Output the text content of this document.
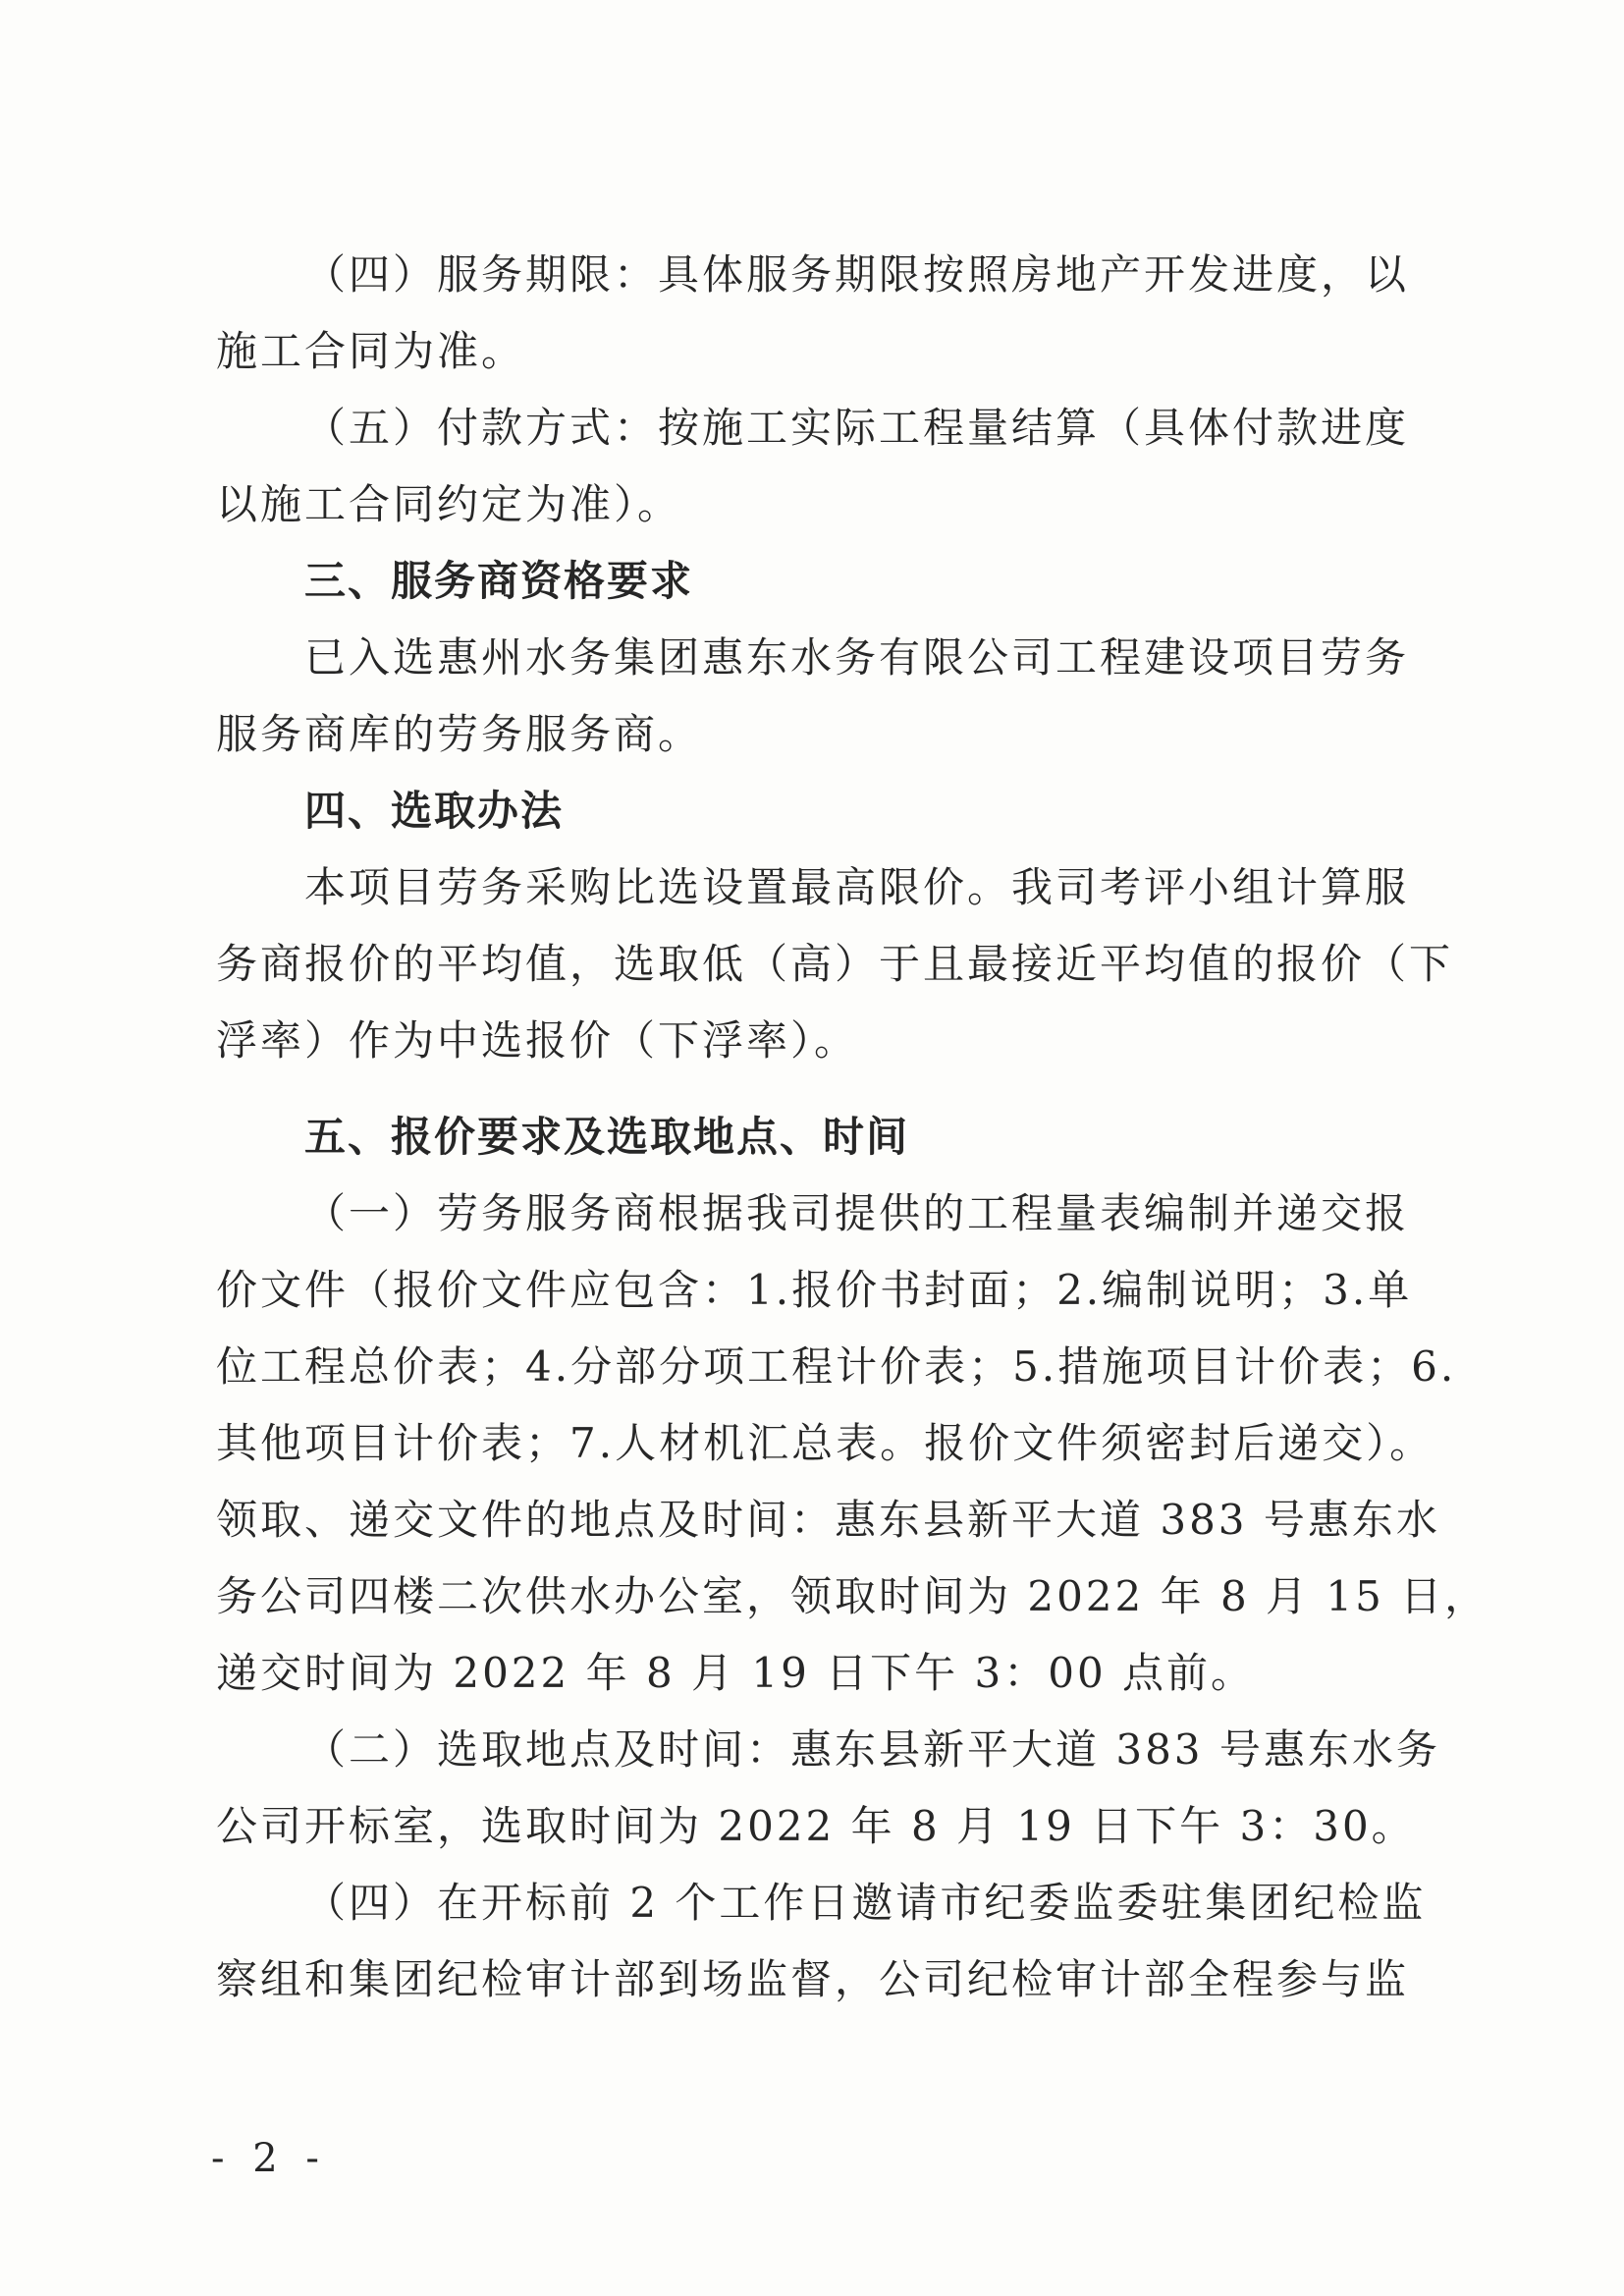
（四）服务期限：具体服务期限按照房地产开发进度，以
施工合同为准。
（五）付款方式：按施工实际工程量结算（具体付款进度
以施工合同约定为准）。
三、服务商资格要求
已入选惠州水务集团惠东水务有限公司工程建设项目劳务
服务商库的劳务服务商。
四、选取办法
本项目劳务采购比选设置最高限价。我司考评小组计算服
务商报价的平均值，选取低（高）于且最接近平均值的报价（下
浮率）作为中选报价（下浮率）。
五、报价要求及选取地点、时间
（一）劳务服务商根据我司提供的工程量表编制并递交报
价文件（报价文件应包含：1.报价书封面；2.编制说明；3.单
位工程总价表；4.分部分项工程计价表；5.措施项目计价表；6.
其他项目计价表；7.人材机汇总表。报价文件须密封后递交）。
领取、递交文件的地点及时间：惠东县新平大道 383 号惠东水
务公司四楼二次供水办公室，领取时间为 2022 年 8 月 15 日，
递交时间为 2022 年 8 月 19 日下午 3：00 点前。
（二）选取地点及时间：惠东县新平大道 383 号惠东水务
公司开标室，选取时间为 2022 年 8 月 19 日下午 3：30。
（四）在开标前 2 个工作日邀请市纪委监委驻集团纪检监
察组和集团纪检审计部到场监督，公司纪检审计部全程参与监
- 2 -
